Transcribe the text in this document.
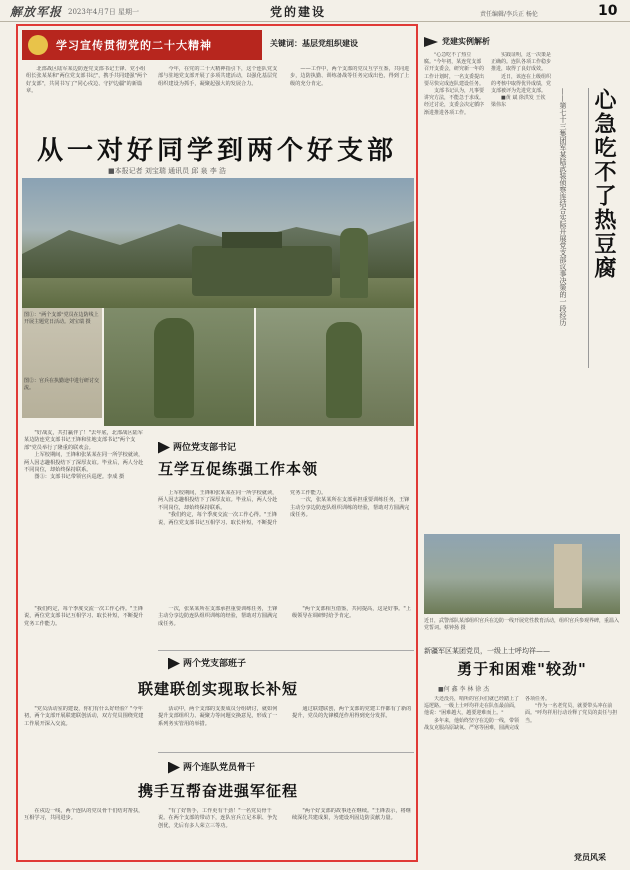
解放军报 2023年4月7日 星期一	党的建设	责任编辑/李兵正 杨伦	10
学习宣传贯彻党的二十大精神	关键词：基层党组织建设

北部战区陆军某边防连党支部书记王锋、党小组组长张某某和"两位党支部书记"，携手共同建强"两个好支部"，共同书写了"同心戍边、守护边疆"的新篇章。

今年，在党的二十大精神指引下，这个连队党支部与驻地党支部开展了多项共建活动，以强化基层党组织建设为抓手，凝聚起强大的发展合力。

——工作中，两个支部的党员互学互鉴，共同进步，边防执勤、训练备战等任务完成出色，得到了上级的充分肯定。

从一对好同学到两个好支部
■本报记者 刘宝瑞 通讯员 邱 泉 李 浩
图①："两个支部"党员在边防线上开展主题党日活动。刘宝瑞 摄
图②：官兵在执勤途中进行研讨交流。

"好战友，共打赢伴了！"去年底，北部战区陆军某边防连党支部书记王锋和驻地支部书记"两个支部"党员举行了隆重的联欢会。

上军校期间，王锋和张某某在同一所学校就读，两人因志趣相投结下了深厚友谊。毕业后，两人分赴不同岗位，却始终保持联系。

图③：支部书记带领官兵巡逻。李成 摄

两位党支部书记
互学互促练强工作本领

"我们约定，每个季度交流一次工作心得。"王锋说，两位党支部书记互相学习、取长补短，不断提升党务工作能力。

一次，张某某所在支部承担重要训练任务，王锋主动分享边防连队组织训练的经验，帮助对方圆满完成任务。

"两个支部相互借鉴，共同提高，这是好事。"上级领导在调研时给予肯定。

上军校期间，王锋和张某某在同一所学校就读，两人因志趣相投结下了深厚友谊。毕业后，两人分赴不同岗位，却始终保持联系。

"我们约定，每个季度交流一次工作心得。"王锋说，两位党支部书记互相学习、取长补短，不断提升党务工作能力。

一次，张某某所在支部承担重要训练任务，王锋主动分享边防连队组织训练的经验，帮助对方圆满完成任务。

两个党支部班子
联建联创实现取长补短

"党员活动室的建设，你们有什么好经验？"今年初，两个支部开展联建联创活动，双方党员围绕党建工作展开深入交流。

活动中，两个支部的支委成员分组研讨，就如何提升支部组织力、凝聚力等问题交换意见，形成了一系列务实管用的举措。

通过联建联创，两个支部的党建工作都有了新的提升，党员的先锋模范作用得到充分发挥。

两个连队党员骨干
携手互帮奋进强军征程

在戍边一线，两个连队的党员骨干们结对帮扶，互相学习，共同进步。

"有了好帮手，工作更有干劲！"一名党员骨干说。在两个支部的带动下，连队官兵立足本职、争先创优，先后有多人荣立三等功。

"两个好支部的故事还在继续。"王锋表示，将继续深化共建成果，为建设巩固边防贡献力量。

党建实例解析

"心急吃不了热豆腐。"今年初，某连党支部召开支委会，研究新一年的工作计划时，一名支委提出要尽快完成连队建设任务。

支部书记认为，凡事要讲究方法，不能急于求成。经过讨论，支委会决定循序渐进推进各项工作。

实践证明，这一决策是正确的。连队各项工作稳步推进，取得了良好成效。

近日，该连在上级组织的考核中取得优异成绩，党支部被评为先进党支部。

■黄 斌 徐洪发 王钦 梁伟东	——第七十三集团军某陆武装侦察连结合实际开展党支部议事决策的一段经历 心急吃不了热豆腐
近日，武警部队某部组织官兵在边防一线开展党性教育活动，组织官兵参观界碑，重温入党誓词。蔡钟扬 摄
新疆军区某团党员，一级上士呼均祥——
勇于和困难"较劲"
■何 鑫 李 林 徐 杰

天还没亮，哨所的官兵们就已经踏上了巡逻路。一级上士呼均祥走在队伍最前面，他说："困难越大，越要迎难而上。"

多年来，他始终坚守在边防一线，带领战友克服高原缺氧、严寒等困难，圆满完成各项任务。

"作为一名老党员，就要带头冲在前面。"呼均祥用行动诠释了党员的责任与担当。

党员风采
